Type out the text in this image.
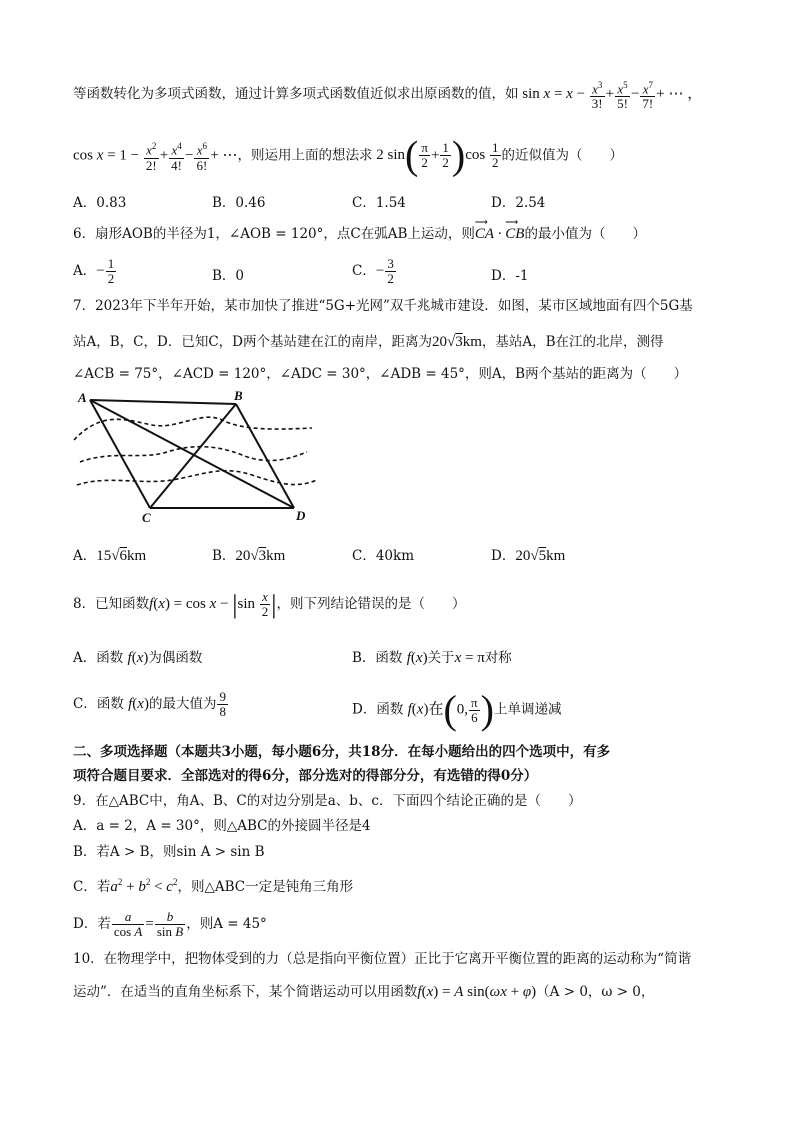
等函数转化为多项式函数，通过计算多项式函数值近似求出原函数的值，如 $\sin x = x - \frac{x^3}{3!} + \frac{x^5}{5!} - \frac{x^7}{7!}$ + ⋯ ，
$\cos x = 1 - \frac{x^2}{2!} + \frac{x^4}{4!} - \frac{x^6}{6!}$ + ⋯，则运用上面的想法求 2 $\sin( \frac{\pi}{2} + \frac{1}{2} )\cos \frac{1}{2}$ 的近似值为（　　）
A．0.83	B．0.46	C．1.54	D．2.54
6．扇形AOB的半径为1，∠AOB = 120°，点C在弧AB上运动，则CA
⟶
· CB
⟶
的最小值为（　　）
A．− $\frac{1}{2}$	B．0	C．− $\frac{3}{2}$	D．-1
7．2023年下半年开始，某市加快了推进“5G+光网”双千兆城市建设．如图，某市区域地面有四个5G基
站A，B，C，D．已知C，D两个基站建在江的南岸，距离为20√3km，基站A，B在江的北岸，测得
∠ACB = 75°，∠ACD = 120°，∠ADC = 30°，∠ADB = 45°，则A，B两个基站的距离为（　　）
A	B
C	D
A．15√6km	B．20√3km	C．40km	D．20√5km
8．已知函数$f(x) = \cos x - |\sin \frac{x}{2}$ |，则下列结论错误的是（　　）
A．函数 f(x)为偶函数	B．函数 f(x)关于x = π对称
C．函数 f(x)的最大值为 $\frac{9}{8}$	D．函数 f(x)在(0, $\frac{\pi}{6}$ )上单调递减
二、多项选择题（本题共3小题，每小题6分，共18分．在每小题给出的四个选项中，有多
项符合题目要求．全部选对的得6分，部分选对的得部分分，有选错的得0分）
9．在△ABC中，角A、B、C的对边分别是a、b、c．下面四个结论正确的是（　　）
A．a = 2，A = 30°，则△ABC的外接圆半径是4
B．若A > B，则sin A > sin B
C．若$a^2 + b^2 < c^2$，则△ABC一定是钝角三角形
D．若 $\frac{a}{\text{cos A}} = \frac{b}{\text{sin B}}$ ，则A = 45°
10．在物理学中，把物体受到的力（总是指向平衡位置）正比于它离开平衡位置的距离的运动称为“简谐
运动”．在适当的直角坐标系下，某个简谐运动可以用函数f(x) = A sin(ωx + φ)（A > 0，ω > 0，
